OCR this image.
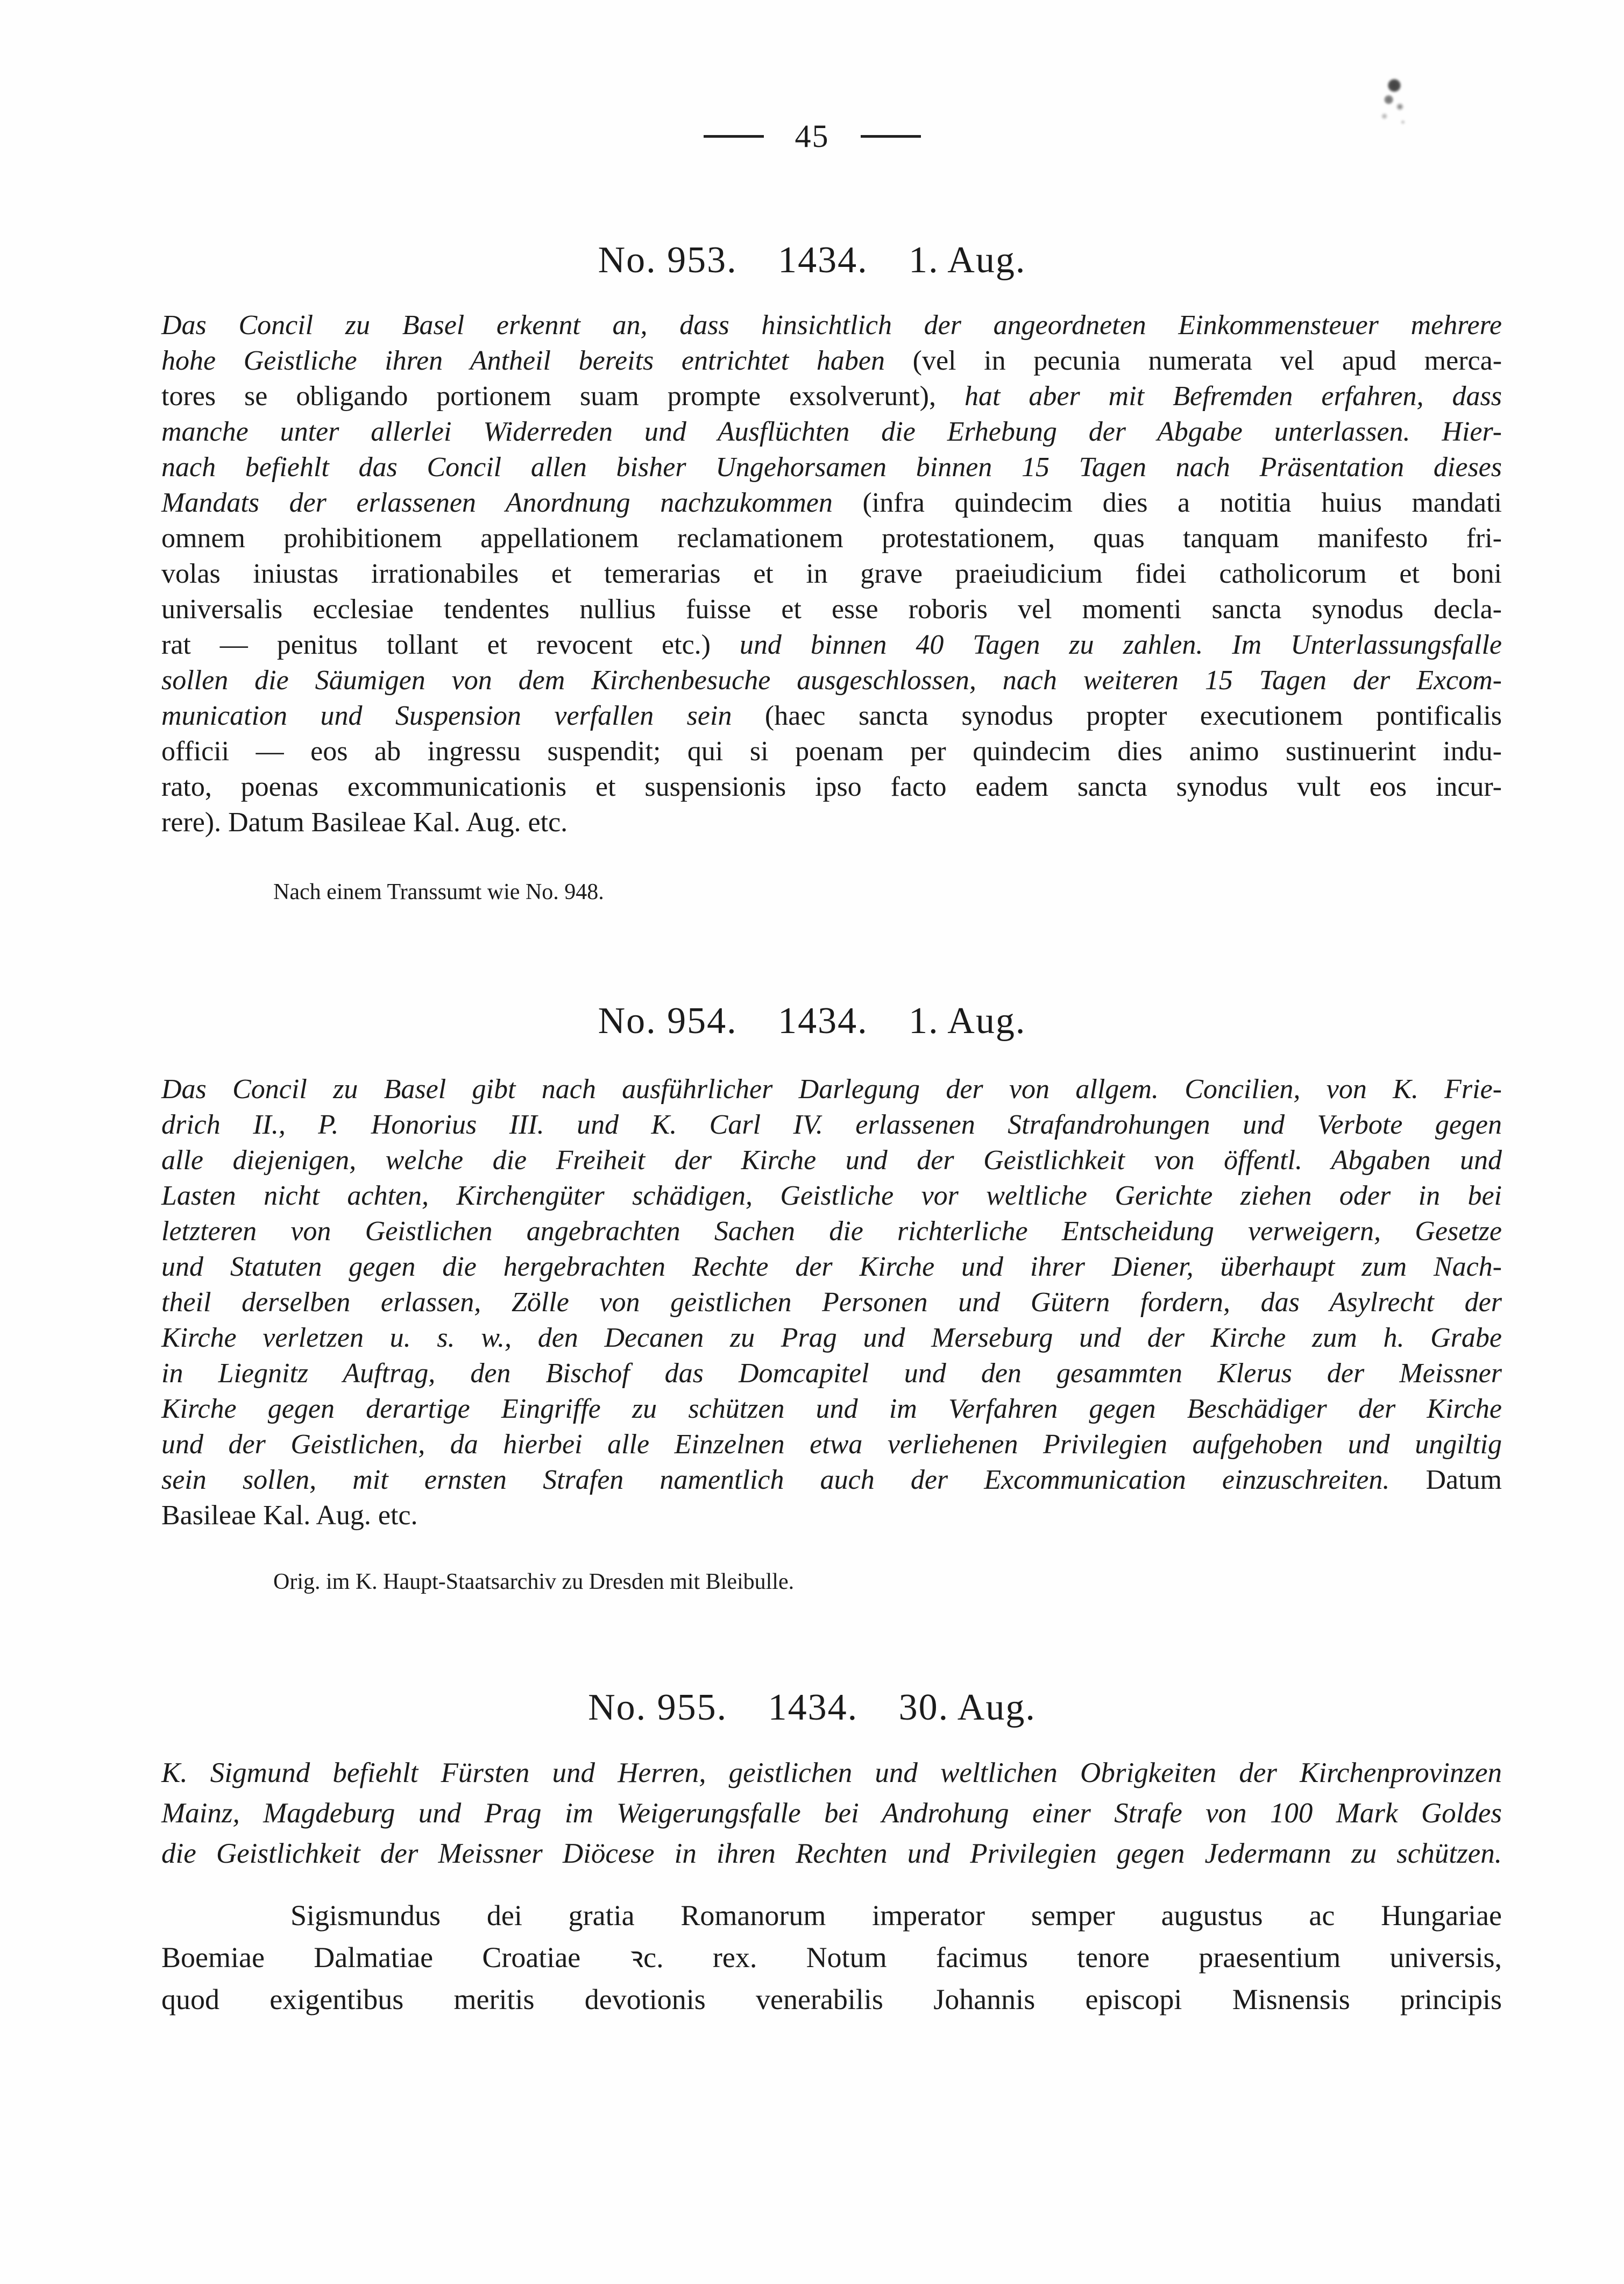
45
No. 953. 1434. 1. Aug.
Das Concil zu Basel erkennt an, dass hinsichtlich der angeordneten Einkommensteuer mehrere
hohe Geistliche ihren Antheil bereits entrichtet haben (vel in pecunia numerata vel apud merca-
tores se obligando portionem suam prompte exsolverunt), hat aber mit Befremden erfahren, dass
manche unter allerlei Widerreden und Ausflüchten die Erhebung der Abgabe unterlassen. Hier-
nach befiehlt das Concil allen bisher Ungehorsamen binnen 15 Tagen nach Präsentation dieses
Mandats der erlassenen Anordnung nachzukommen (infra quindecim dies a notitia huius mandati
omnem prohibitionem appellationem reclamationem protestationem, quas tanquam manifesto fri-
volas iniustas irrationabiles et temerarias et in grave praeiudicium fidei catholicorum et boni
universalis ecclesiae tendentes nullius fuisse et esse roboris vel momenti sancta synodus decla-
rat — penitus tollant et revocent etc.) und binnen 40 Tagen zu zahlen. Im Unterlassungsfalle
sollen die Säumigen von dem Kirchenbesuche ausgeschlossen, nach weiteren 15 Tagen der Excom-
munication und Suspension verfallen sein (haec sancta synodus propter executionem pontificalis
officii — eos ab ingressu suspendit; qui si poenam per quindecim dies animo sustinuerint indu-
rato, poenas excommunicationis et suspensionis ipso facto eadem sancta synodus vult eos incur-
rere). Datum Basileae Kal. Aug. etc.
Nach einem Transsumt wie No. 948.
No. 954. 1434. 1. Aug.
Das Concil zu Basel gibt nach ausführlicher Darlegung der von allgem. Concilien, von K. Frie-
drich II., P. Honorius III. und K. Carl IV. erlassenen Strafandrohungen und Verbote gegen
alle diejenigen, welche die Freiheit der Kirche und der Geistlichkeit von öffentl. Abgaben und
Lasten nicht achten, Kirchengüter schädigen, Geistliche vor weltliche Gerichte ziehen oder in bei
letzteren von Geistlichen angebrachten Sachen die richterliche Entscheidung verweigern, Gesetze
und Statuten gegen die hergebrachten Rechte der Kirche und ihrer Diener, überhaupt zum Nach-
theil derselben erlassen, Zölle von geistlichen Personen und Gütern fordern, das Asylrecht der
Kirche verletzen u. s. w., den Decanen zu Prag und Merseburg und der Kirche zum h. Grabe
in Liegnitz Auftrag, den Bischof das Domcapitel und den gesammten Klerus der Meissner
Kirche gegen derartige Eingriffe zu schützen und im Verfahren gegen Beschädiger der Kirche
und der Geistlichen, da hierbei alle Einzelnen etwa verliehenen Privilegien aufgehoben und ungiltig
sein sollen, mit ernsten Strafen namentlich auch der Excommunication einzuschreiten. Datum
Basileae Kal. Aug. etc.
Orig. im K. Haupt-Staatsarchiv zu Dresden mit Bleibulle.
No. 955. 1434. 30. Aug.
K. Sigmund befiehlt Fürsten und Herren, geistlichen und weltlichen Obrigkeiten der Kirchenprovinzen
Mainz, Magdeburg und Prag im Weigerungsfalle bei Androhung einer Strafe von 100 Mark Goldes
die Geistlichkeit der Meissner Diöcese in ihren Rechten und Privilegien gegen Jedermann zu schützen.
Sigismundus dei gratia Romanorum imperator semper augustus ac Hungariae
Boemiae Dalmatiae Croatiae ꝛc. rex. Notum facimus tenore praesentium universis,
quod exigentibus meritis devotionis venerabilis Johannis episcopi Misnensis principis
